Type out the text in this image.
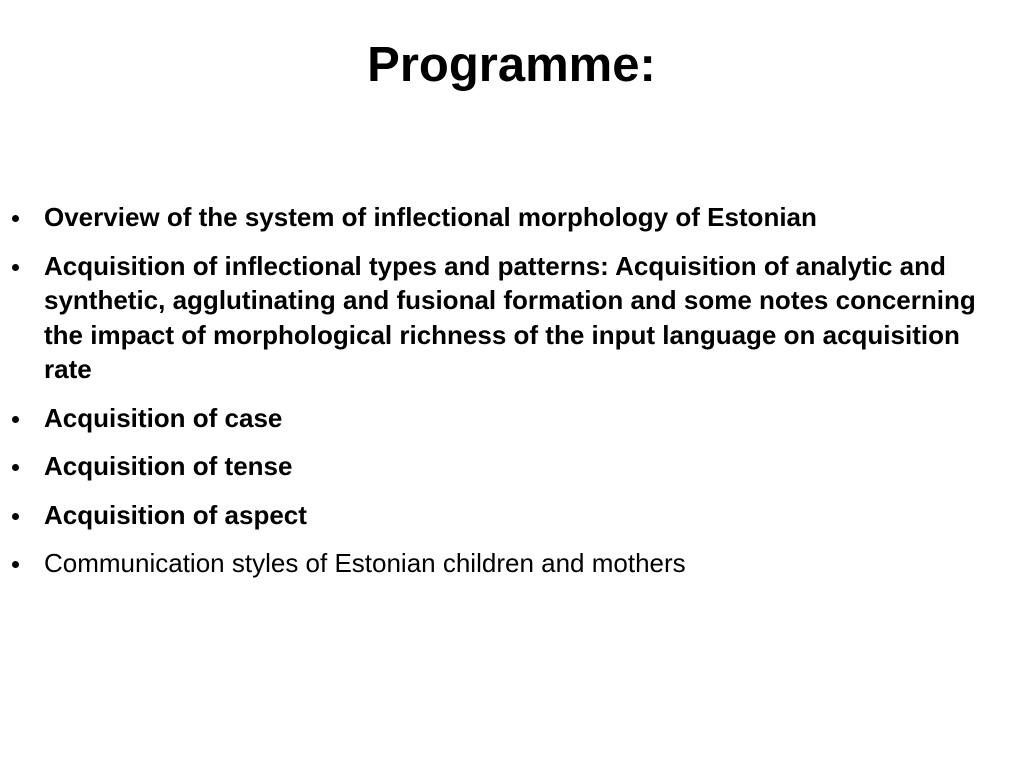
Programme:
Overview of the system of inflectional morphology of Estonian
Acquisition of inflectional types and patterns: Acquisition of analytic and synthetic, agglutinating and fusional formation and some notes concerning the impact of morphological richness of the input language on acquisition rate
Acquisition of case
Acquisition of tense
Acquisition of aspect
Communication styles of Estonian children and mothers
